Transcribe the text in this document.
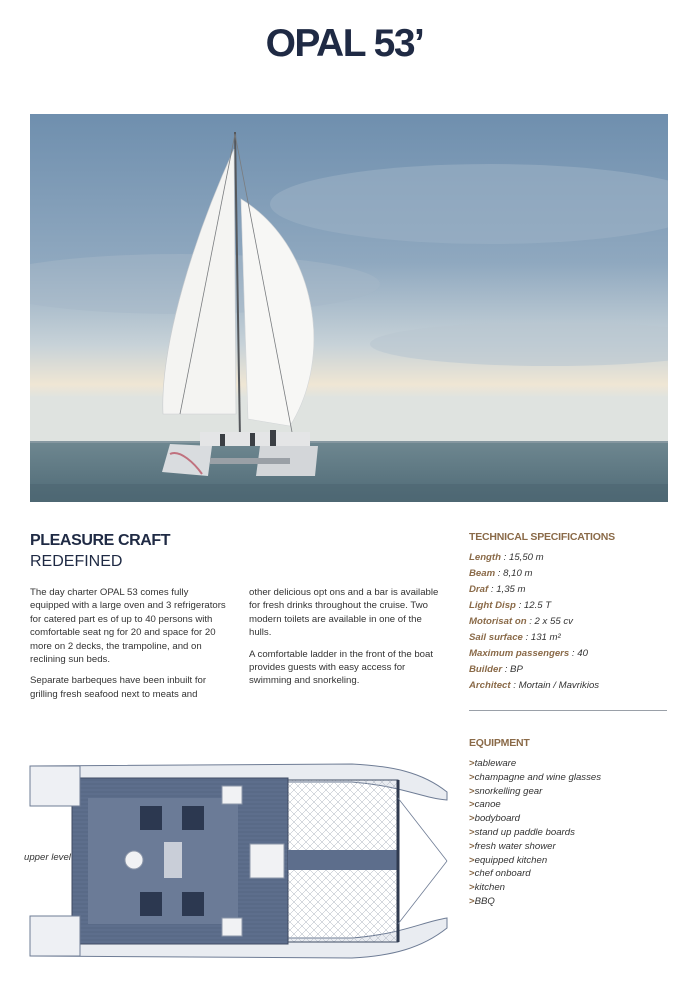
OPAL 53’
PLEASURE CRAFT
REDEFINED

The day charter OPAL 53 comes fully equipped with a large oven and 3 refrigerators for catered part es of up to 40 persons with comfortable seat ng for 20 and space for 20 more on 2 decks, the trampoline, and on reclining sun beds.

Separate barbeques have been inbuilt for grilling fresh seafood next to meats and

other delicious opt ons and a bar is available for fresh drinks throughout the cruise. Two modern toilets are available in one of the hulls.

A comfortable ladder in the front of the boat provides guests with easy access for swimming and snorkeling.

TECHNICAL SPECIFICATIONS
Length : 15,50 m
Beam : 8,10 m
Draf : 1,35 m
Light Disp : 12.5 T
Motorisat on : 2 x 55 cv
Sail surface : 131 m²
Maximum passengers : 40
Builder : BP
Architect : Mortain / Mavrikios
EQUIPMENT
>tableware
>champagne and wine glasses
>snorkelling gear
>canoe
>bodyboard
>stand up paddle boards
>fresh water shower
>equipped kitchen
>chef onboard
>kitchen
>BBQ
upper level
